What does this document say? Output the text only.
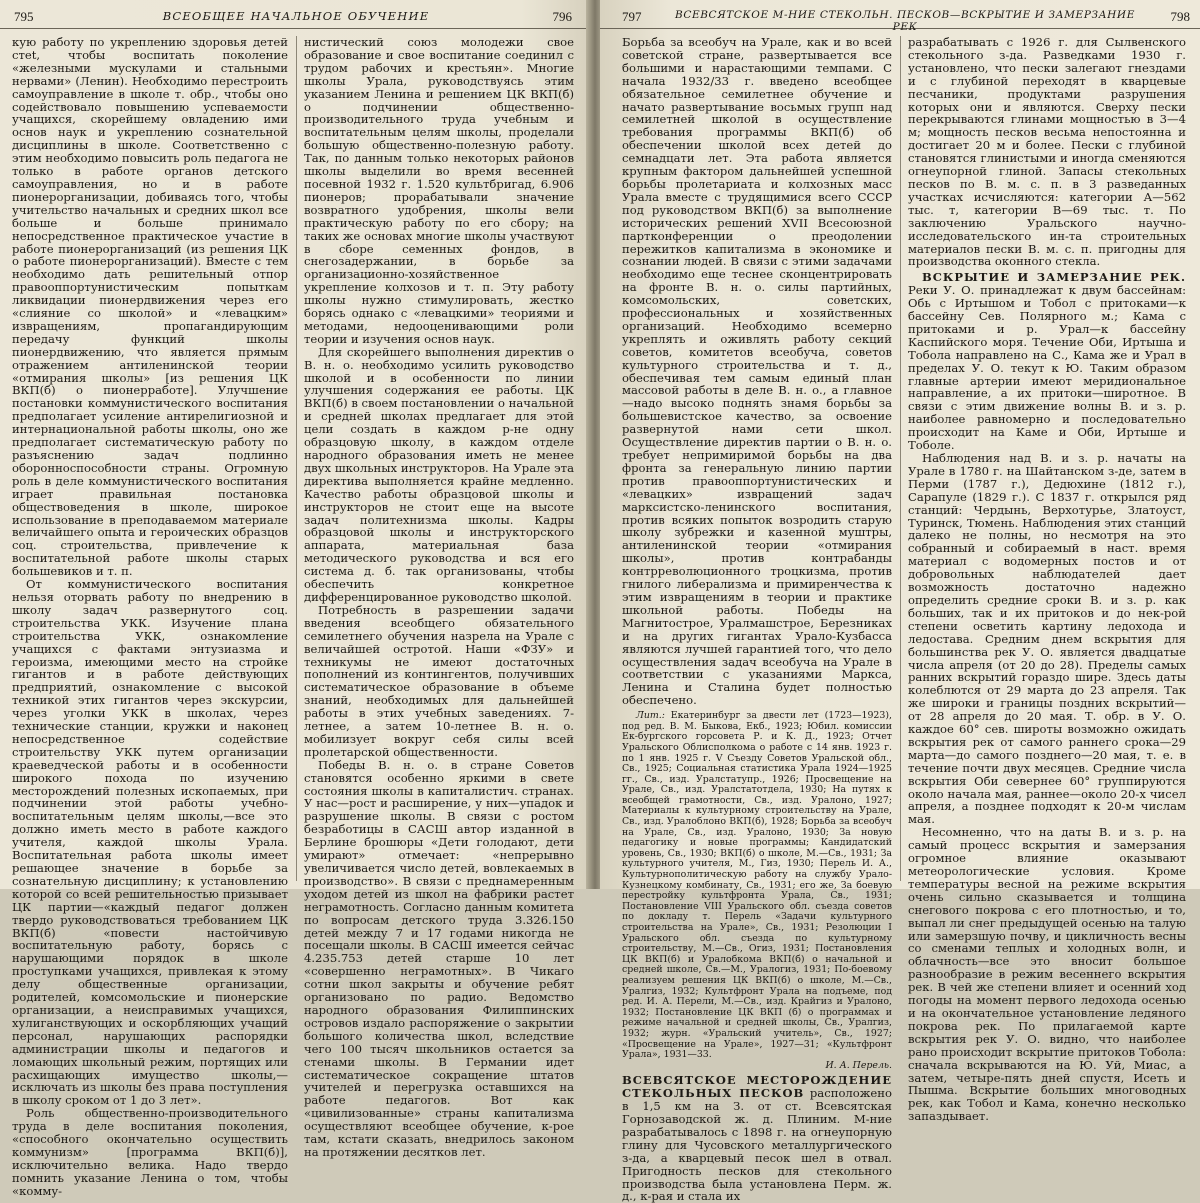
795	ВСЕОБЩЕЕ НАЧАЛЬНОЕ ОБУЧЕНИЕ	796

кую работу по укреплению здоровья детей стеt, чтобы воспитать поколение «железными мускулами и стальными нервами» (Ленин). Необходимо перестроить самоуправление в школе т. обр., чтобы оно содействовало повышению успеваемости учащихся, скорейшему овладению ими основ наук и укреплению сознательной дисциплины в школе. Соответственно с этим необходимо повысить роль педагога не только в работе органов детского самоуправления, но и в работе пионерорганизации, добиваясь того, чтобы учительство начальных и средних школ все больше и больше принимало непосредственное практическое участие в работе пионерорганизаций (из решения ЦК о работе пионерорганизаций). Вместе с тем необходимо дать решительный отпор правооппортунистическим попыткам ликвидации пионердвижения через его «слияние со школой» и «левацким» извращениям, пропагандирующим передачу функций школы пионердвижению, что является прямым отражением антиленинской теории «отмирания школы» [из решения ЦК ВКП(б) о пионерработе]. Улучшение постановки коммунистического воспитания предполагает усиление антирелигиозной и интернациональной работы школы, оно же предполагает систематическую работу по разъяснению задач подлинно оборонноспособности страны. Огромную роль в деле коммунистического воспитания играет правильная постановка обществоведения в школе, широкое использование в преподаваемом материале величайшего опыта и героических образцов соц. строительства, привлечение к воспитательной работе школы старых большевиков и т. п.

От коммунистического воспитания нельзя оторвать работу по внедрению в школу задач развернутого соц. строительства УКК. Изучение плана строительства УКК, ознакомление учащихся с фактами энтузиазма и героизма, имеющими место на стройке гигантов и в работе действующих предприятий, ознакомление с высокой техникой этих гигантов через экскурсии, через уголки УКК в школах, через технические станции, кружки и наконец непосредственное содействие строительству УКК путем организации краеведческой работы и в особенности широкого похода по изучению месторождений полезных ископаемых, при подчинении этой работы учебно-воспитательным целям школы,—все это должно иметь место в работе каждого учителя, каждой школы Урала. Воспитательная работа школы имеет решающее значение в борьбе за сознательную дисциплину; к установлению которой со всей решительностью призывает ЦК партии—«каждый педагог должен твердо руководствоваться требованием ЦК ВКП(б) «повести настойчивую воспитательную работу, борясь с нарушающими порядок в школе проступками учащихся, привлекая к этому делу общественные организации, родителей, комсомольские и пионерские организации, а неисправимых учащихся, хулиганствующих и оскорбляющих учащий персонал, нарушающих распорядки администрации школы и педагогов и ломающих школьный режим, портящих или расхищающих имущество школы,—исключать из школы без права поступления в школу сроком от 1 до 3 лет».

Роль общественно-производительного труда в деле воспитания поколения, «способного окончательно осуществить коммунизм» [программа ВКП(б)], исключительно велика. Надо твердо помнить указание Ленина о том, чтобы «комму-

нистический союз молодежи свое образование и свое воспитание соединил с трудом рабочих и крестьян». Многие школы Урала, руководствуясь этим указанием Ленина и решением ЦК ВКП(б) о подчинении общественно-производительного труда учебным и воспитательным целям школы, проделали большую общественно-полезную работу. Так, по данным только некоторых районов школы выделили во время весенней посевной 1932 г. 1.520 культбригад, 6.906 пионеров; прорабатывали значение возвратного удобрения, школы вели практическую работу по его сбору; на таких же основах многие школы участвуют в сборе семенных фондов, в снегозадержании, в борьбе за организационно-хозяйственное укрепление колхозов и т. п. Эту работу школы нужно стимулировать, жестко борясь однако с «левацкими» теориями и методами, недооценивающими роли теории и изучения основ наук.

Для скорейшего выполнения директив о В. н. о. необходимо усилить руководство школой и в особенности по линии улучшения содержания ее работы. ЦК ВКП(б) в своем постановлении о начальной и средней школах предлагает для этой цели создать в каждом р-не одну образцовую школу, в каждом отделе народного образования иметь не менее двух школьных инструкторов. На Урале эта директива выполняется крайне медленно. Качество работы образцовой школы и инструкторов не стоит еще на высоте задач политехнизма школы. Кадры образцовой школы и инструкторского аппарата, материальная база методического руководства и вся его система д. б. так организованы, чтобы обеспечить конкретное дифференцированное руководство школой.

Потребность в разрешении задачи введения всеобщего обязательного семилетнего обучения назрела на Урале с величайшей остротой. Наши «ФЗУ» и техникумы не имеют достаточных пополнений из контингентов, получивших систематическое образование в объеме знаний, необходимых для дальнейшей работы в этих учебных заведениях. 7-летнее, а затем 10-летнее В. н. о. мобилизует вокруг себя силы всей пролетарской общественности.

Победы В. н. о. в стране Советов становятся особенно яркими в свете состояния школы в капиталистич. странах. У нас—рост и расширение, у них—упадок и разрушение школы. В связи с ростом безработицы в САСШ автор изданной в Берлине брошюры «Дети голодают, дети умирают» отмечает: «непрерывно увеличивается число детей, вовлекаемых в производство». В связи с преднамеренным уходом детей из школ на фабрики растет неграмотность. Согласно данным комитета по вопросам детского труда 3.326.150 детей между 7 и 17 годами никогда не посещали школы. В САСШ имеется сейчас 4.235.753 детей старше 10 лет «совершенно неграмотных». В Чикаго сотни школ закрыты и обучение ребят организовано по радио. Ведомство народного образования Филиппинских островов издало распоряжение о закрытии большого количества школ, вследствие чего 100 тысяч школьников остается за стенами школы. В Германии идет систематическое сокращение штатов учителей и перегрузка оставшихся на работе педагогов. Вот как «цивилизованные» страны капитализма осуществляют всеобщее обучение, к-рое там, кстати сказать, внедрилось законом на протяжении десятков лет.

797	ВСЕВСЯТСКОЕ М-НИЕ СТЕКОЛЬН. ПЕСКОВ—ВСКРЫТИЕ И ЗАМЕРЗАНИЕ РЕК
798

Борьба за всеобуч на Урале, как и во всей советской стране, развертывается все большими и нарастающими темпами. С начала 1932/33 г. введено всеобщее обязательное семилетнее обучение и начато развертывание восьмых групп над семилетней школой в осуществление требования программы ВКП(б) об обеспечении школой всех детей до семнадцати лет. Эта работа является крупным фактором дальнейшей успешной борьбы пролетариата и колхозных масс Урала вместе с трудящимися всего СССР под руководством ВКП(б) за выполнение исторических решений XVII Всесоюзной партконференции о преодолении пережитков капитализма в экономике и сознании людей. В связи с этими задачами необходимо еще теснее сконцентрировать на фронте В. н. о. силы партийных, комсомольских, советских, профессиональных и хозяйственных организаций. Необходимо всемерно укреплять и оживлять работу секций советов, комитетов всеобуча, советов культурного строительства и т. д., обеспечивая тем самым единый план массовой работы в деле В. н. о., а главное—надо высоко поднять знамя борьбы за большевистское качество, за освоение развернутой нами сети школ. Осуществление директив партии о В. н. о. требует непримиримой борьбы на два фронта за генеральную линию партии против правооппортунистических и «левацких» извращений задач марксистско-ленинского воспитания, против всяких попыток возродить старую школу зубрежки и казенной муштры, антиленинской теории «отмирания школы», против контрабанды контрреволюционного троцкизма, против гнилого либерализма и примиренчества к этим извращениям в теории и практике школьной работы. Победы на Магнитострое, Уралмашстрое, Березниках и на других гигантах Урало-Кузбасса являются лучшей гарантией того, что дело осуществления задач всеобуча на Урале в соответствии с указаниями Маркса, Ленина и Сталина будет полностью обеспечено.

Лит.: Екатеринбург за двести лет (1723—1923), под ред. В. М. Быкова, Екб., 1923; Юбил. комиссии Ек-бургского горсовета Р. и К. Д., 1923; Отчет Уральского Облисполкома о работе с 14 янв. 1923 г. по 1 янв. 1925 г. V Съезду Советов Уральской обл., Св., 1925; Социальная статистика Урала 1924—1925 гг., Св., изд. Уралстатупр., 1926; Просвещение на Урале, Св., изд. Уралстатотдела, 1930; На путях к всеобщей грамотности, Св., изд. Уралоно, 1927; Материалы к культурному строительству на Урале, Св., изд. Уралоблоно ВКП(б), 1928; Борьба за всеобуч на Урале, Св., изд. Уралоно, 1930; За новую педагогику и новые программы; Кандидатский уровень, Св., 1930; ВКП(б) о школе, М.—Св., 1931; За культурного учителя, М., Гиз, 1930; Перель И. А., Культурнополитическую работу на службу Урало-Кузнецкому комбинату, Св., 1931; его же, За боевую перестройку культфронта Урала, Св., 1931; Постановление VIII Уральского обл. съезда советов по докладу т. Перель «Задачи культурного строительства на Урале», Св., 1931; Резолюции I Уральского обл. съезда по культурному строительству, М.—Св., Огиз, 1931; Постановления ЦК ВКП(б) и Уралобкома ВКП(б) о начальной и средней школе, Св.—М., Уралогиз, 1931; По-боевому реализуем решения ЦК ВКП(б) о школе, М.—Св., Уралгиз, 1932; Культфронт Урала на подъеме, под ред. И. А. Перели, М.—Св., изд. Крайгиз и Уралоно, 1932; Постановление ЦК ВКП (б) о программах и режиме начальной и средней школы, Св., Уралгиз, 1932; журн. «Уральский учитель», Св., 1927; «Просвещение на Урале», 1927—31; «Культфронт Урала», 1931—33.
И. А. Перель.

ВСЕВСЯТСКОЕ МЕСТОРОЖДЕНИЕ СТЕКОЛЬНЫХ ПЕСКОВ расположено в 1,5 км на З. от ст. Всевсятская Горнозаводской ж. д. Плиним. М-ние разрабатывалось с 1898 г. на огнеупорную глину для Чусовского металлургического з-да, а кварцевый песок шел в отвал. Пригодность песков для стекольного производства была установлена Перм. ж. д., к-рая и стала их

разрабатывать с 1926 г. для Сылвенского стекольного з-да. Разведками 1930 г. установлено, что пески залегают гнездами и с глубиной переходят в кварцевые песчаники, продуктами разрушения которых они и являются. Сверху пески перекрываются глинами мощностью в 3—4 м; мощность песков весьма непостоянна и достигает 20 м и более. Пески с глубиной становятся глинистыми и иногда сменяются огнеупорной глиной. Запасы стекольных песков по В. м. с. п. в 3 разведанных участках исчисляются: категории А—562 тыс. т, категории В—69 тыс. т. По заключению Уральского научно-исследовательского ин-та строительных материалов пески В. м. с. п. пригодны для производства оконного стекла.

ВСКРЫТИЕ И ЗАМЕРЗАНИЕ РЕК. Реки У. О. принадлежат к двум бассейнам: Обь с Иртышом и Тобол с притоками—к бассейну Сев. Полярного м.; Кама с притоками и р. Урал—к бассейну Каспийского моря. Течение Оби, Иртыша и Тобола направлено на С., Кама же и Урал в пределах У. О. текут к Ю. Таким образом главные артерии имеют меридиональное направление, а их притоки—широтное. В связи с этим движение волны В. и з. р. наиболее равномерно и последовательно происходит на Каме и Оби, Иртыше и Тоболе.

Наблюдения над В. и з. р. начаты на Урале в 1780 г. на Шайтанском з-де, затем в Перми (1787 г.), Дедюхине (1812 г.), Сарапуле (1829 г.). С 1837 г. открылся ряд станций: Чердынь, Верхотурье, Златоуст, Туринск, Тюмень. Наблюдения этих станций далеко не полны, но несмотря на это собранный и собираемый в наст. время материал с водомерных постов и от добровольных наблюдателей дает возможность достаточно надежно определить средние сроки В. и з. р. как больших, так и их притоков и до нек-рой степени осветить картину ледохода и ледостава. Средним днем вскрытия для большинства рек У. О. является двадцатые числа апреля (от 20 до 28). Пределы самых ранних вскрытий гораздо шире. Здесь даты колеблются от 29 марта до 23 апреля. Так же широки и границы поздних вскрытий—от 28 апреля до 20 мая. Т. обр. в У. О. каждое 60° сев. широты возможно ожидать вскрытия рек от самого раннего срока—29 марта—до самого позднего—20 мая, т. е. в течение почти двух месяцев. Средние числа вскрытия Оби севернее 60° группируются около начала мая, раннее—около 20-х чисел апреля, а позднее подходят к 20-м числам мая.

Несомненно, что на даты В. и з. р. на самый процесс вскрытия и замерзания огромное влияние оказывают метеорологические условия. Кроме температуры весной на режиме вскрытия очень сильно сказывается и толщина снегового покрова с его плотностью, и то, выпал ли снег предыдущей осенью на талую или замерзшую почву, и цикличность весны со сменами теплых и холодных волн, и облачность—все это вносит большое разнообразие в режим весеннего вскрытия рек. В чей же степени влияет и осенний ход погоды на момент первого ледохода осенью и на окончательное установление ледяного покрова рек. По прилагаемой карте вскрытия рек У. О. видно, что наиболее рано происходит вскрытие притоков Тобола: сначала вскрываются на Ю. Уй, Миас, а затем, четыре-пять дней спустя, Исеть и Пышма. Вскрытие больших многоводных рек, как Тобол и Кама, конечно несколько запаздывает.
